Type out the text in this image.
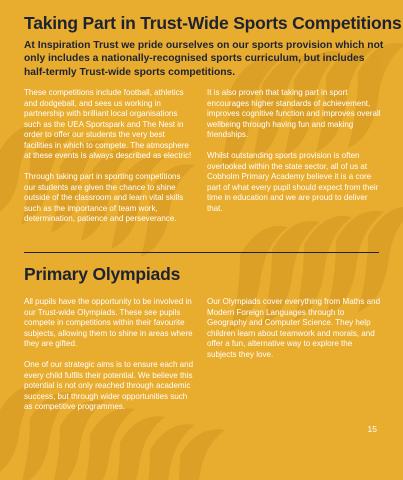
Taking Part in Trust-Wide Sports Competitions

At Inspiration Trust we pride ourselves on our sports provision which not only includes a nationally-recognised sports curriculum, but includes half-termly Trust-wide sports competitions.

These competitions include football, athletics and dodgeball, and sees us working in partnership with brilliant local organisations such as the UEA Sportspark and The Nest in order to offer our students the very best facilities in which to compete. The atmosphere at these events is always described as electric!

Through taking part in sporting competitions our students are given the chance to shine outside of the classroom and learn vital skills such as the importance of team work, determination, patience and perseverance.

It is also proven that taking part in sport encourages higher standards of achievement, improves cognitive function and improves overall wellbeing through having fun and making friendships.

Whilst outstanding sports provision is often overlooked within the state sector, all of us at Cobholm Primary Academy believe it is a core part of what every pupil should expect from their time in education and we are proud to deliver that.

Primary Olympiads

All pupils have the opportunity to be involved in our Trust-wide Olympiads. These see pupils compete in competitions within their favourite subjects, allowing them to shine in areas where they are gifted.

One of our strategic aims is to ensure each and every child fulfils their potential. We believe this potential is not only reached through academic success, but through wider opportunities such as competitive programmes.

Our Olympiads cover everything from Maths and Modern Foreign Languages through to Geography and Computer Science. They help children learn about teamwork and morals, and offer a fun, alternative way to explore the subjects they love.

15
